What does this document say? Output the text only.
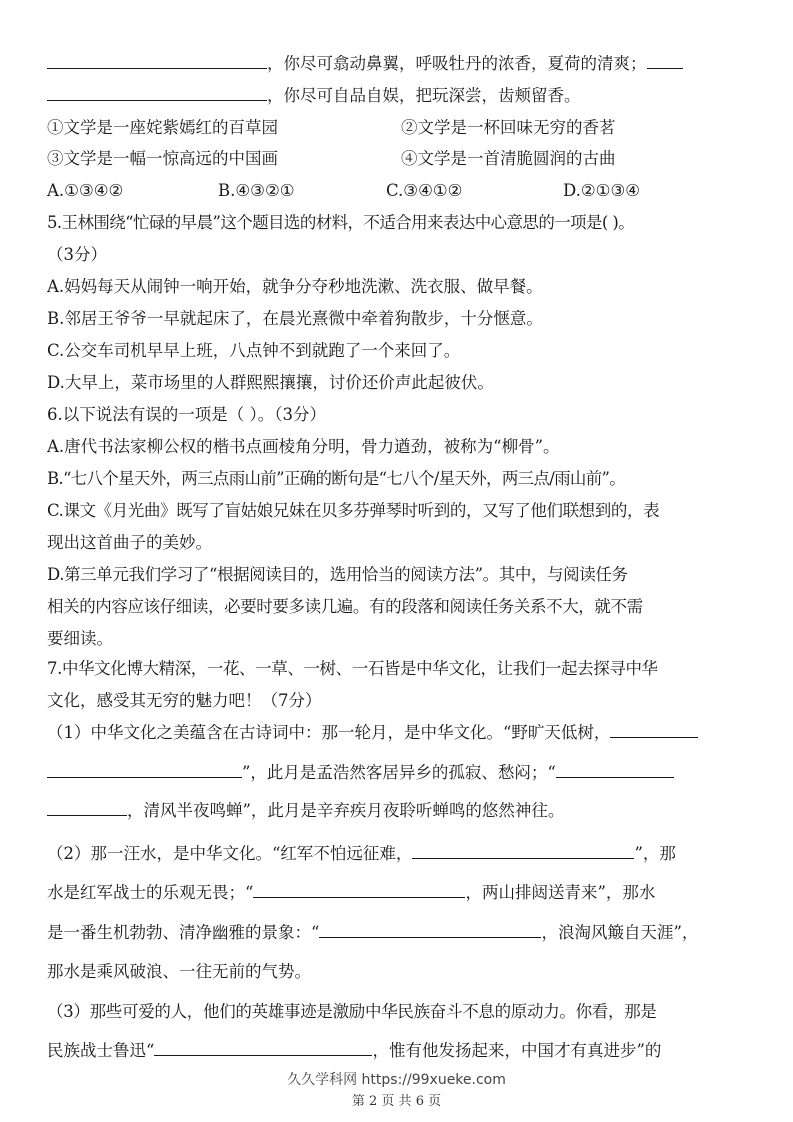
，你尽可翕动鼻翼，呼吸牡丹的浓香，夏荷的清爽；
，你尽可自品自娱，把玩深尝，齿颊留香。
①文学是一座姹紫嫣红的百草园	②文学是一杯回味无穷的香茗
③文学是一幅一惊高远的中国画	④文学是一首清脆圆润的古曲
A.①③④②	B.④③②①	C.③④①②	D.②①③④
5.王林围绕“忙碌的早晨”这个题目选的材料，不适合用来表达中心意思的一项是( )。
（3分）
A.妈妈每天从闹钟一响开始，就争分夺秒地洗漱、洗衣服、做早餐。
B.邻居王爷爷一早就起床了，在晨光熹微中牵着狗散步，十分惬意。
C.公交车司机早早上班，八点钟不到就跑了一个来回了。
D.大早上，菜市场里的人群熙熙攘攘，讨价还价声此起彼伏。
6.以下说法有误的一项是（ ）。（3分）
A.唐代书法家柳公权的楷书点画棱角分明，骨力遒劲，被称为“柳骨”。
B.“七八个星天外，两三点雨山前”正确的断句是“七八个/星天外，两三点/雨山前”。
C.课文《月光曲》既写了盲姑娘兄妹在贝多芬弹琴时听到的，又写了他们联想到的，表
现出这首曲子的美妙。
D.第三单元我们学习了“根据阅读目的，选用恰当的阅读方法”。其中，与阅读任务
相关的内容应该仔细读，必要时要多读几遍。有的段落和阅读任务关系不大，就不需
要细读。
7.中华文化博大精深，一花、一草、一树、一石皆是中华文化，让我们一起去探寻中华
文化，感受其无穷的魅力吧！（7分）
（1）中华文化之美蕴含在古诗词中：那一轮月，是中华文化。“野旷天低树，
”，此月是孟浩然客居异乡的孤寂、愁闷；“
，清风半夜鸣蝉”，此月是辛弃疾月夜聆听蝉鸣的悠然神往。
（2）那一汪水，是中华文化。“红军不怕远征难，	”，那
水是红军战士的乐观无畏；“	，两山排闼送青来”，那水
是一番生机勃勃、清净幽雅的景象：“	，浪淘风簸自天涯”，
那水是乘风破浪、一往无前的气势。
（3）那些可爱的人，他们的英雄事迹是激励中华民族奋斗不息的原动力。你看，那是
民族战士鲁迅“	，惟有他发扬起来，中国才有真进步”的
久久学科网 https://99xueke.com
第 2 页 共 6 页
